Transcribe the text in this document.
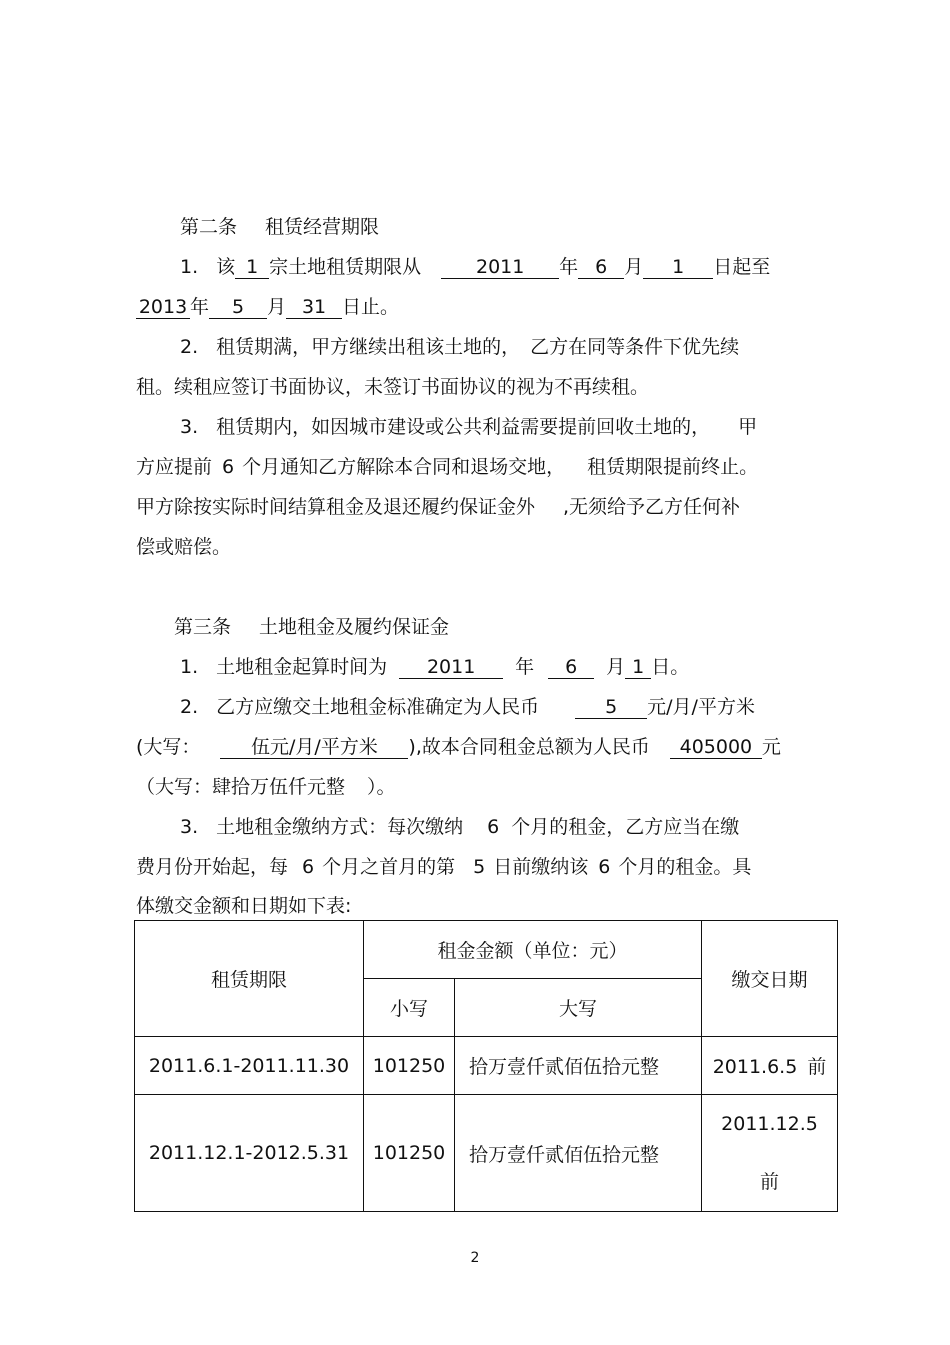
第二条 租赁经营期限
1. 该 1 宗土地租赁期限从	2011 年 6 月 1 日起至
2013 年 5 月 31 日止。
2. 租赁期满，甲方继续出租该土地的， 乙方在同等条件下优先续
租。续租应签订书面协议，未签订书面协议的视为不再续租。
3. 租赁期内，如因城市建设或公共利益需要提前回收土地的， 甲
方应提前 6 个月通知乙方解除本合同和退场交地， 租赁期限提前终止。
甲方除按实际时间结算租金及退还履约保证金外 ,无须给予乙方任何补
偿或赔偿。
第三条 土地租金及履约保证金
1. 土地租金起算时间为 2011 年 6 月 1 日。
2. 乙方应缴交土地租金标准确定为人民币	5 元/月/平方米
(大写：	伍元/月/平方米 ),故本合同租金总额为人民币 405000 元
（大写：肆拾万伍仟元整 ）。
3. 土地租金缴纳方式：每次缴纳 6 个月的租金，乙方应当在缴
费月份开始起，每 6 个月之首月的第 5 日前缴纳该 6 个月的租金。具
体缴交金额和日期如下表:
租赁期限	租金金额（单位：元）		缴交日期
	小写	大写	
2011.6.1-2011.11.30	101250	拾万壹仟贰佰伍拾元整	2011.6.5 前
2011.12.1-2012.5.31	101250	拾万壹仟贰佰伍拾元整	2011.12.5
前
2
